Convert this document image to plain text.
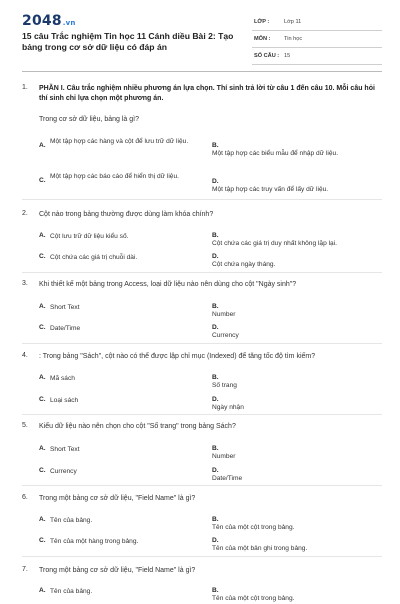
2048.vn
15 câu Trắc nghiệm Tin học 11 Cánh diều Bài 2: Tạo bảng trong cơ sở dữ liệu có đáp án
LỚP :	Lớp 11
MÔN : Tin học
SỐ CÂU : 15
1. PHẦN I. Câu trắc nghiệm nhiều phương án lựa chọn. Thí sinh trả lời từ câu 1 đến câu 10. Mỗi câu hỏi thí sinh chỉ lựa chọn một phương án.
Trong cơ sở dữ liệu, bảng là gì?
A.Một tập hợp các hàng và cột để lưu trữ dữ liệu.
B.Một tập hợp các biểu mẫu để nhập dữ liệu.
C.Một tập hợp các báo cáo để hiển thị dữ liệu.
D.Một tập hợp các truy vấn để lấy dữ liệu.
2. Cột nào trong bảng thường được dùng làm khóa chính?
A. Cột lưu trữ dữ liệu kiểu số.	B.Cột chứa các giá trị duy nhất không lặp lại.
C. Cột chứa các giá trị chuỗi dài.	D.Cột chứa ngày tháng.
3. Khi thiết kế một bảng trong Access, loại dữ liệu nào nên dùng cho cột "Ngày sinh"?
A. Short Text	B.Number
C. Date/Time	D.Currency
4. : Trong bảng "Sách", cột nào có thể được lập chỉ mục (Indexed) để tăng tốc độ tìm kiếm?
A. Mã sách	B.Số trang
C. Loại sách	D.Ngày nhận
5. Kiểu dữ liệu nào nên chọn cho cột "Số trang" trong bảng Sách?
A. Short Text	B.Number
C. Currency	D.Date/Time
6. Trong một bảng cơ sở dữ liệu, "Field Name" là gì?
A. Tên của bảng.	B.Tên của một cột trong bảng.
C. Tên của một hàng trong bảng.	D.Tên của một bản ghi trong bảng.
7. Trong một bảng cơ sở dữ liệu, "Field Name" là gì?
A. Tên của bảng.	B.Tên của một cột trong bảng.
